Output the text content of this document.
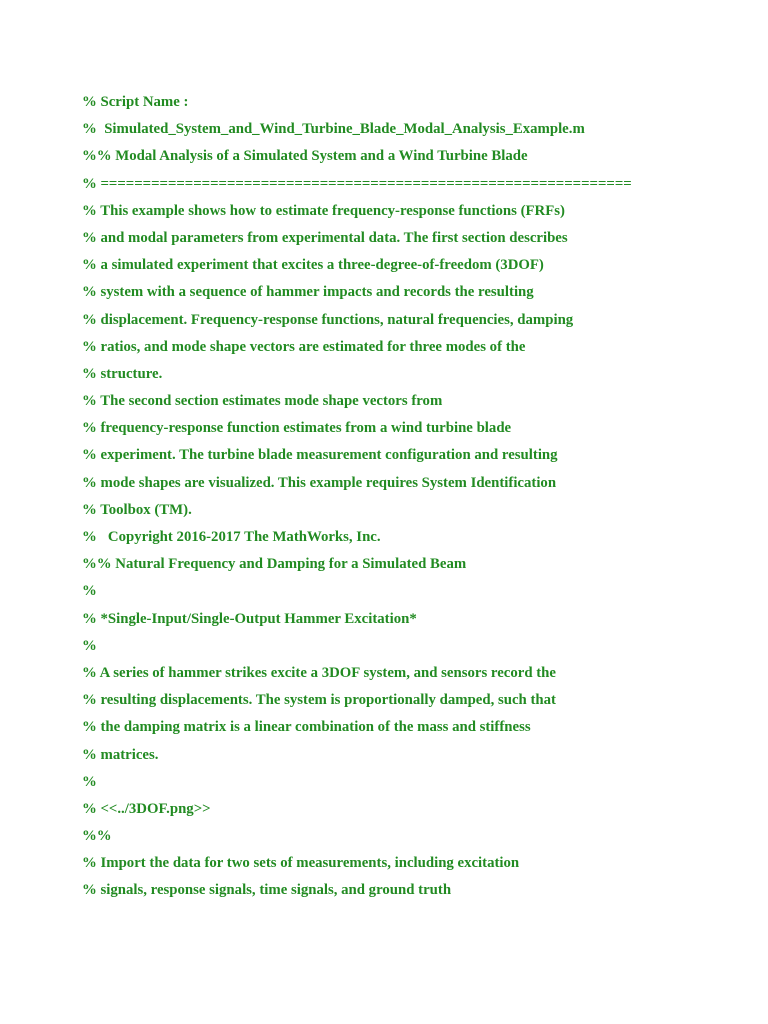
% Script Name :
%  Simulated_System_and_Wind_Turbine_Blade_Modal_Analysis_Example.m
%% Modal Analysis of a Simulated System and a Wind Turbine Blade
% ===============================================================
% This example shows how to estimate frequency-response functions (FRFs)
% and modal parameters from experimental data. The first section describes
% a simulated experiment that excites a three-degree-of-freedom (3DOF)
% system with a sequence of hammer impacts and records the resulting
% displacement. Frequency-response functions, natural frequencies, damping
% ratios, and mode shape vectors are estimated for three modes of the
% structure.
% The second section estimates mode shape vectors from
% frequency-response function estimates from a wind turbine blade
% experiment. The turbine blade measurement configuration and resulting
% mode shapes are visualized. This example requires System Identification
% Toolbox (TM).
%   Copyright 2016-2017 The MathWorks, Inc.
%% Natural Frequency and Damping for a Simulated Beam
%
% *Single-Input/Single-Output Hammer Excitation*
%
% A series of hammer strikes excite a 3DOF system, and sensors record the
% resulting displacements. The system is proportionally damped, such that
% the damping matrix is a linear combination of the mass and stiffness
% matrices.
%
% <<../3DOF.png>>
%%
% Import the data for two sets of measurements, including excitation
% signals, response signals, time signals, and ground truth
